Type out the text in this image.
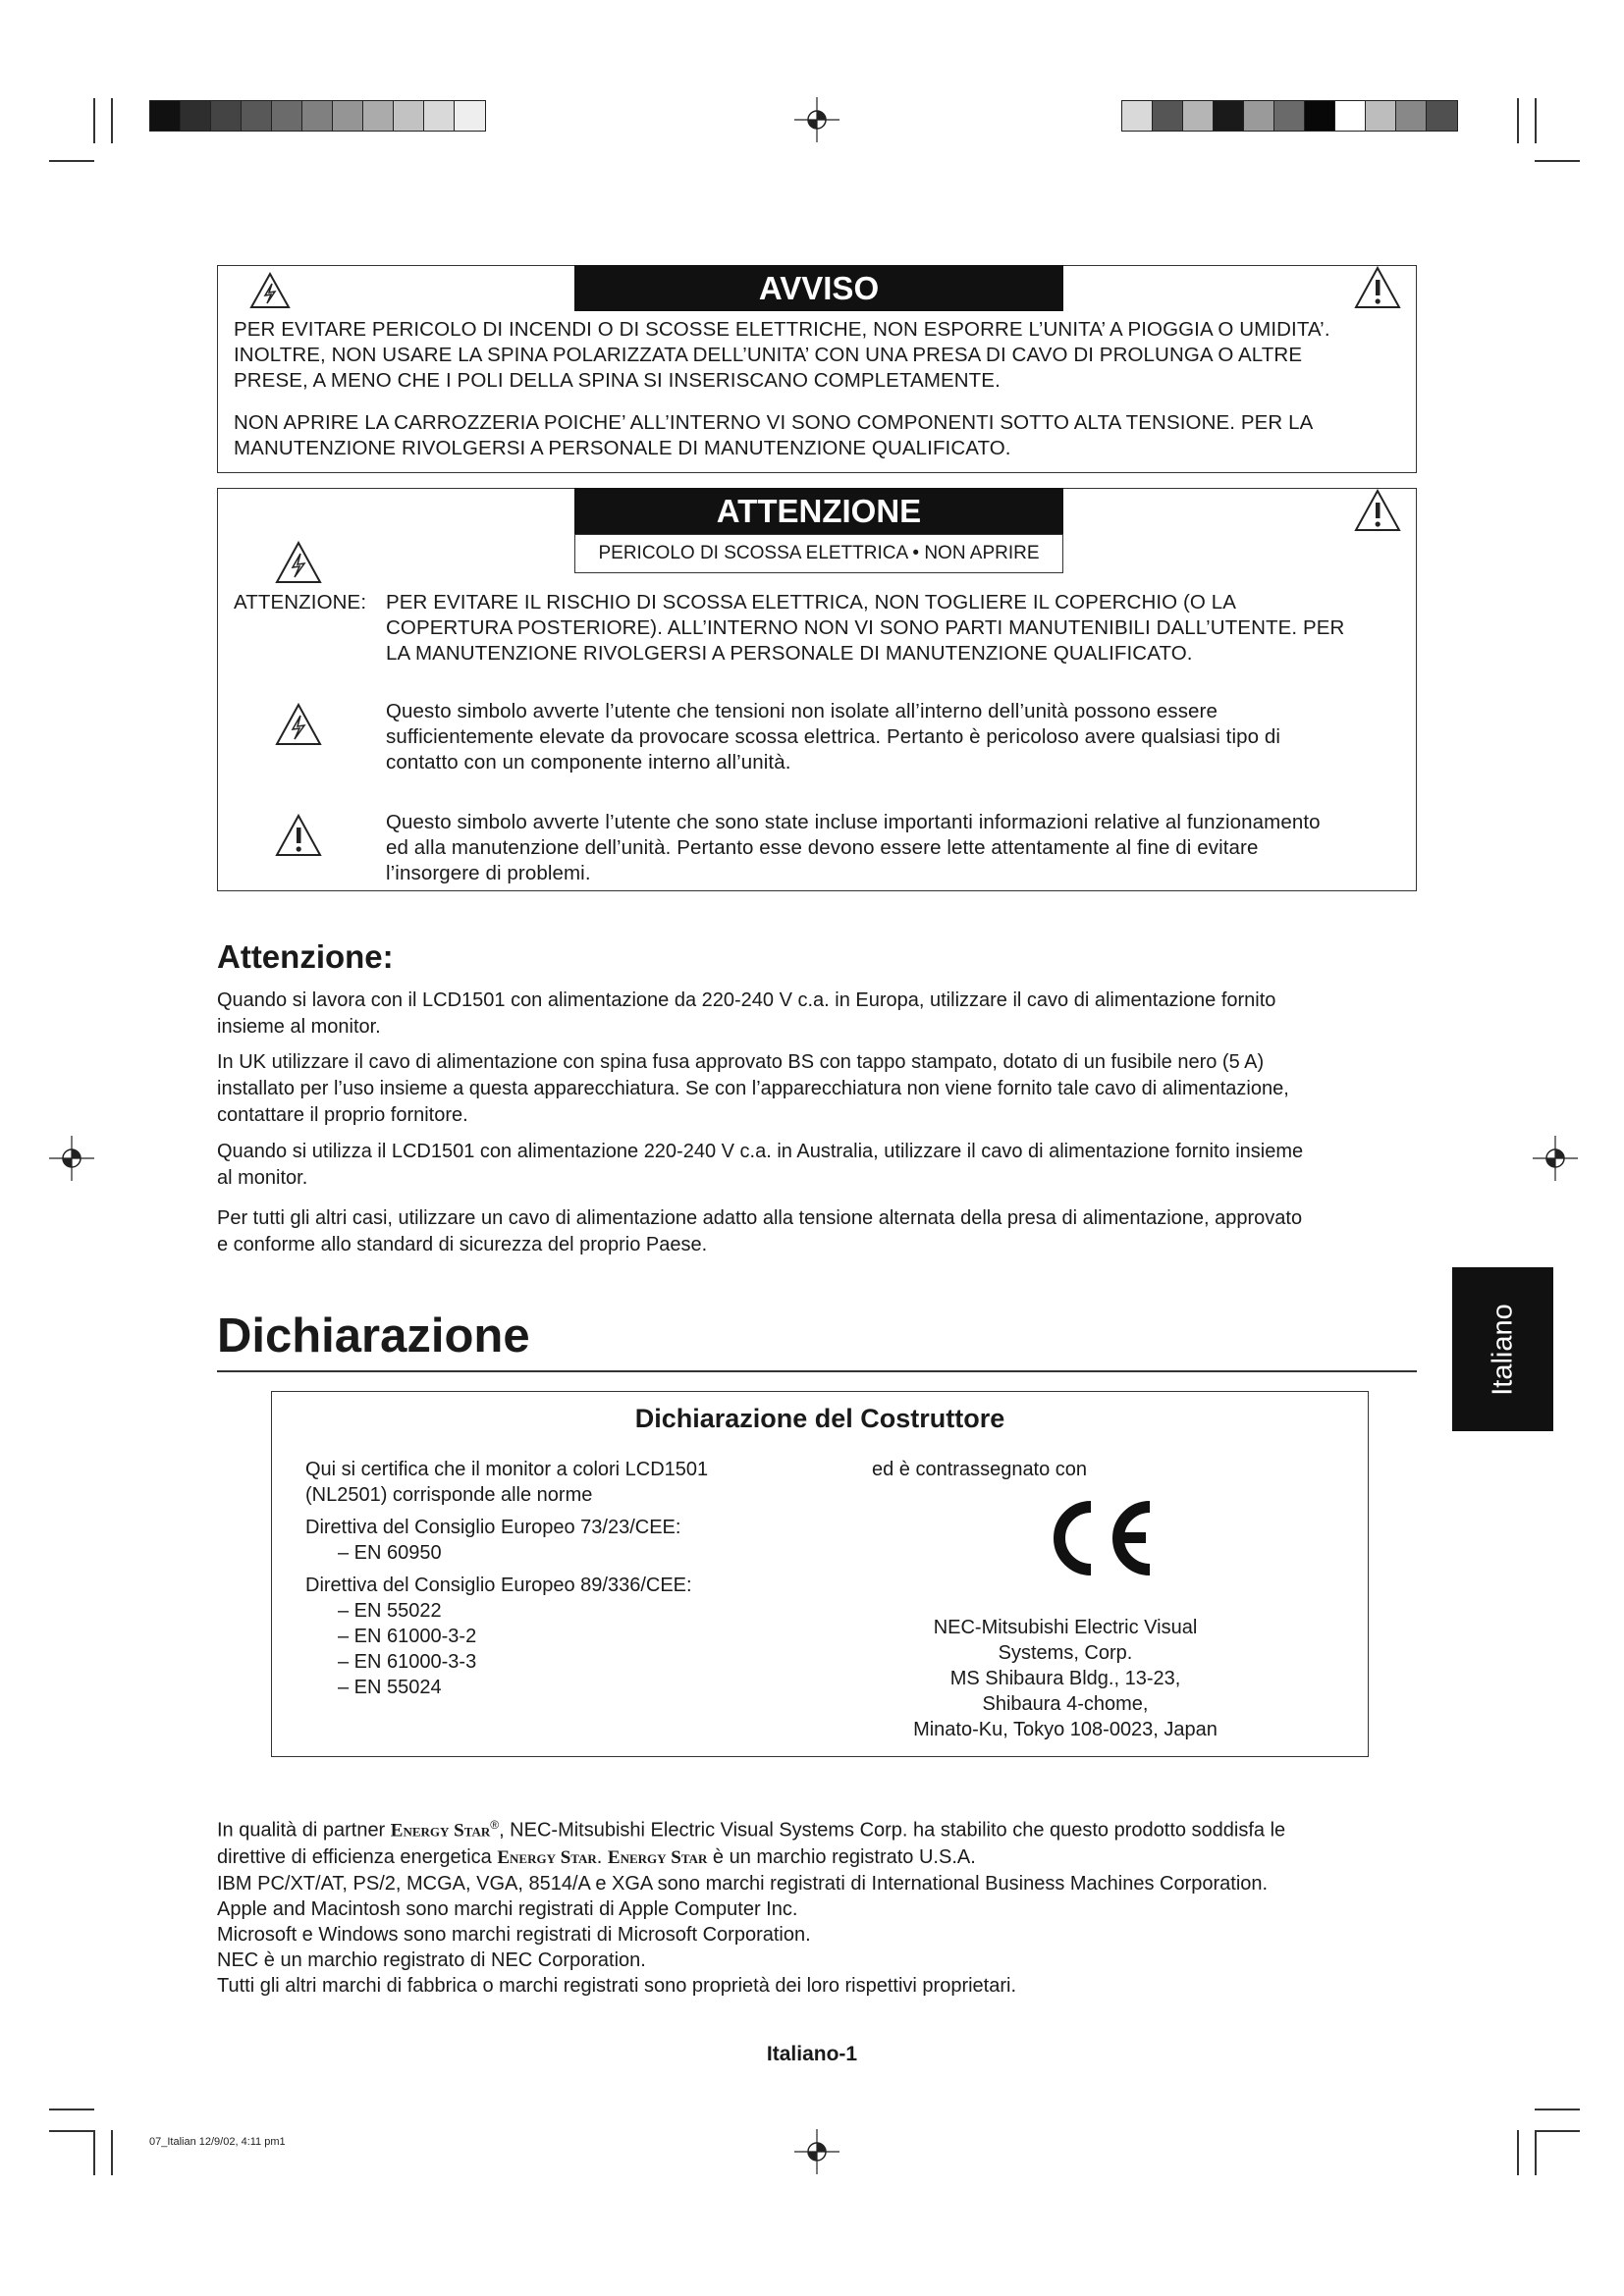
AVVISO
PER EVITARE PERICOLO DI INCENDI O DI SCOSSE ELETTRICHE, NON ESPORRE L’UNITA’ A PIOGGIA O UMIDITA’.
INOLTRE, NON USARE LA SPINA POLARIZZATA DELL’UNITA’ CON UNA PRESA DI CAVO DI PROLUNGA O ALTRE
PRESE, A MENO CHE I POLI DELLA SPINA SI INSERISCANO COMPLETAMENTE.
NON APRIRE LA CARROZZERIA POICHE’ ALL’INTERNO VI SONO COMPONENTI SOTTO ALTA TENSIONE. PER LA
MANUTENZIONE RIVOLGERSI A PERSONALE DI MANUTENZIONE QUALIFICATO.
ATTENZIONE
PERICOLO DI SCOSSA ELETTRICA • NON APRIRE
ATTENZIONE: PER EVITARE IL RISCHIO DI SCOSSA ELETTRICA, NON TOGLIERE IL COPERCHIO (O LA
COPERTURA POSTERIORE). ALL’INTERNO NON VI SONO PARTI MANUTENIBILI DALL’UTENTE. PER
LA MANUTENZIONE RIVOLGERSI A PERSONALE DI MANUTENZIONE QUALIFICATO.
Questo simbolo avverte l’utente che tensioni non isolate all’interno dell’unità possono essere
sufficientemente elevate da provocare scossa elettrica. Pertanto è pericoloso avere qualsiasi tipo di
contatto con un componente interno all’unità.
Questo simbolo avverte l’utente che sono state incluse importanti informazioni relative al funzionamento
ed alla manutenzione dell’unità. Pertanto esse devono essere lette attentamente al fine di evitare
l’insorgere di problemi.
Attenzione:
Quando si lavora con il LCD1501 con alimentazione da 220-240 V c.a. in Europa, utilizzare il cavo di alimentazione fornito
insieme al monitor.
In UK utilizzare il cavo di alimentazione con spina fusa approvato BS con tappo stampato, dotato di un fusibile nero (5 A)
installato per l’uso insieme a questa apparecchiatura. Se con l’apparecchiatura non viene fornito tale cavo di alimentazione,
contattare il proprio fornitore.
Quando si utilizza il LCD1501 con alimentazione 220-240 V c.a. in Australia, utilizzare il cavo di alimentazione fornito insieme
al monitor.
Per tutti gli altri casi, utilizzare un cavo di alimentazione adatto alla tensione alternata della presa di alimentazione, approvato
e conforme allo standard di sicurezza del proprio Paese.
Italiano
Dichiarazione
Dichiarazione del Costruttore
Qui si certifica che il monitor a colori LCD1501
(NL2501) corrisponde alle norme
Direttiva del Consiglio Europeo 73/23/CEE:
– EN 60950
Direttiva del Consiglio Europeo 89/336/CEE:
– EN 55022
– EN 61000-3-2
– EN 61000-3-3
– EN 55024
ed è contrassegnato con
NEC-Mitsubishi Electric Visual
Systems, Corp.
MS Shibaura Bldg., 13-23,
Shibaura 4-chome,
Minato-Ku, Tokyo 108-0023, Japan
In qualità di partner Energy Star®, NEC-Mitsubishi Electric Visual Systems Corp. ha stabilito che questo prodotto soddisfa le
direttive di efficienza energetica Energy Star. Energy Star è un marchio registrato U.S.A.
IBM PC/XT/AT, PS/2, MCGA, VGA, 8514/A e XGA sono marchi registrati di International Business Machines Corporation.
Apple and Macintosh sono marchi registrati di Apple Computer Inc.
Microsoft e Windows sono marchi registrati di Microsoft Corporation.
NEC è un marchio registrato di NEC Corporation.
Tutti gli altri marchi di fabbrica o marchi registrati sono proprietà dei loro rispettivi proprietari.
Italiano-1
07_Italian 12/9/02, 4:11 pm1
